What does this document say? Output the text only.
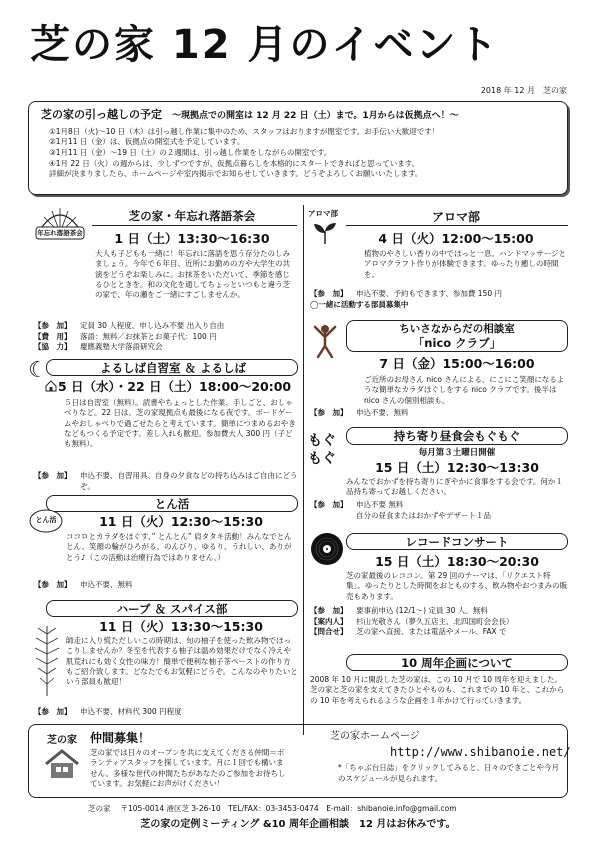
芝の家 12 月のイベント
2018 年 12 月　芝の家
芝の家の引っ越しの予定 ～現拠点での開室は 12 月 22 日（土）まで。1月からは仮拠点へ！～
①1月8日（火)～10 日（木）は引っ越し作業に集中のため、スタッフはおりますが閉室です。お手伝い大歓迎です！
②1月11 日（金）は、仮拠点の開室式を予定しています。
③1月11 日（金）～19 日（土）の２週間は、引っ越し作業をしながらの開室です。
④1月 22 日（火）の週からは、少しずつですが、仮拠点暮らしを本格的にスタートできればと思っています。
詳細が決まりましたら、ホームページや室内掲示でお知らせしていきます。どうぞよろしくお願いいたします。
年忘れ落語茶会
芝の家・年忘れ落語茶会
1 日（土）13:30～16:30
大人も子どもも一緒に！年忘れに落語を思う存分たのしみましょう。今年で６年目、近所にお勤めの方や大学生の共演をどうぞお楽しみに。お抹茶をいただいて、季節を感じるひとときを。和の文化を通してちょっといつもと違う芝の家で、年の瀬をご一緒にすごしませんか。
【参　加】	定員 30 人程度、申し込み不要 出入り自由
【費　用】	落語：無料／お抹茶とお菓子代：100 円
【協　力】	慶應義塾大学落語研究会
☾	よるしば自習室 ＆ よるしば
5 日（水）・22 日（土）18:00～20:00
５日は自習室（無料）。読書やちょっとした作業、手しごと、おしゃべりなど。22 日は、芝の家現拠点も最後になる夜です。ボードゲームやおしゃべりで過ごせたらと考えています。簡単につまめるおやきなどもつくる予定です。差し入れも歓迎。参加費大人 300 円（子ども無料）。
【参　加】	申込不要、自習用具、自身の夕食などの持ち込みはご自由にどうぞ。
とん活
とん活	11 日（火）12:30～15:30
ココロとカラダをほぐす、” とんとん” 肩タタキ活動！みんなでとんとん、笑顔の輪がひろがる、のんびり、ゆるり、うれしい、ありがとう♪（この活動は治療行為ではありません。）
【参　加】	申込不要、無料
ハーブ ＆ スパイス部
11 日（火）13:30～15:30
師走に入り慌ただしいこの時期は、旬の柚子を使った飲み物でほっこりしませんか？冬至を代表する柚子は温め効果だけでなく冷えや肌荒れにも効く女性の味方！簡単で便利な柚子茶ペーストの作り方もご紹介致します。どなたでもお気軽にどうぞ。こんなのやりたいという部員も歓迎！
【参　加】	申込不要、材料代 300 円程度
アロマ部	アロマ部
4 日（火）12:00～15:00
植物のやさしい香りの中でほっと一息。ハンドマッサージとアロマクラフト作りが体験できます。ゆったり癒しの時間を。
【参　加】	申込不要、予約もできます、参加費 150 円
◯一緒に活動する部員募集中
ちいさなからだの相談室
「nico クラブ」
7 日（金）15:00～16:00
ご近所のお母さん nico さんによる、にこにこ笑顔になるような簡単なカラダほぐしをする nico クラブです。後半は nico さんの個別相談も。
【参　加】	申込不要、無料
もぐもぐ
持ち寄り昼食会もぐもぐ
毎月第３土曜日開催
15 日（土）12:30～13:30
みんなでおかずを持ち寄りにぎやかに食事をする会です。何か１品持ち寄ってお越しください。
【参　加】	申込不要 無料
自分の昼食またはおかずやデザート１品
レコードコンサート
15 日（土）18:30～20:30
芝の家最後のレココン。第 29 回のテーマは、「リクエスト特集」。ゆったりとした時間をおとものする、飲み物やおつまみの販売もあります。
【参　加】	要事前申込 (12/1～) 定員 30 人、無料
【案内人】	杉山光敬さん（夢久五店主、北四国町会会長）
【問合せ】	芝の家へ直接、または電話やメール、FAX で
10 周年企画について
2008 年 10 月に開設した芝の家は、この 10 月で 10 周年を迎えました。芝の家と芝の家を支えてきたひとやものも、これまでの 10 年と、これからの 10 年を考えられるような企画を１年かけて行っていきます。
芝の家	仲間募集！
芝の家では日々のオープンを共に支えてくださる仲間＝ボランティアスタッフを探しています。月に１回でも構いません。多様な世代の仲間たちがあなたのご参加をお待ちしています。お気軽にお声がけください！
芝の家ホームページ
http://www.shibanoie.net/
*「ちゃぶ台日誌」をクリックしてみると、日々のできごとや今月のスケジュールが見られます。
芝の家 〒105-0014 港区芝 3-26-10　TEL/FAX：03-3453-0474　E-mail：shibanoie.info@gmail.com
芝の家の定例ミーティング &10 周年企画相談　12 月はお休みです。
